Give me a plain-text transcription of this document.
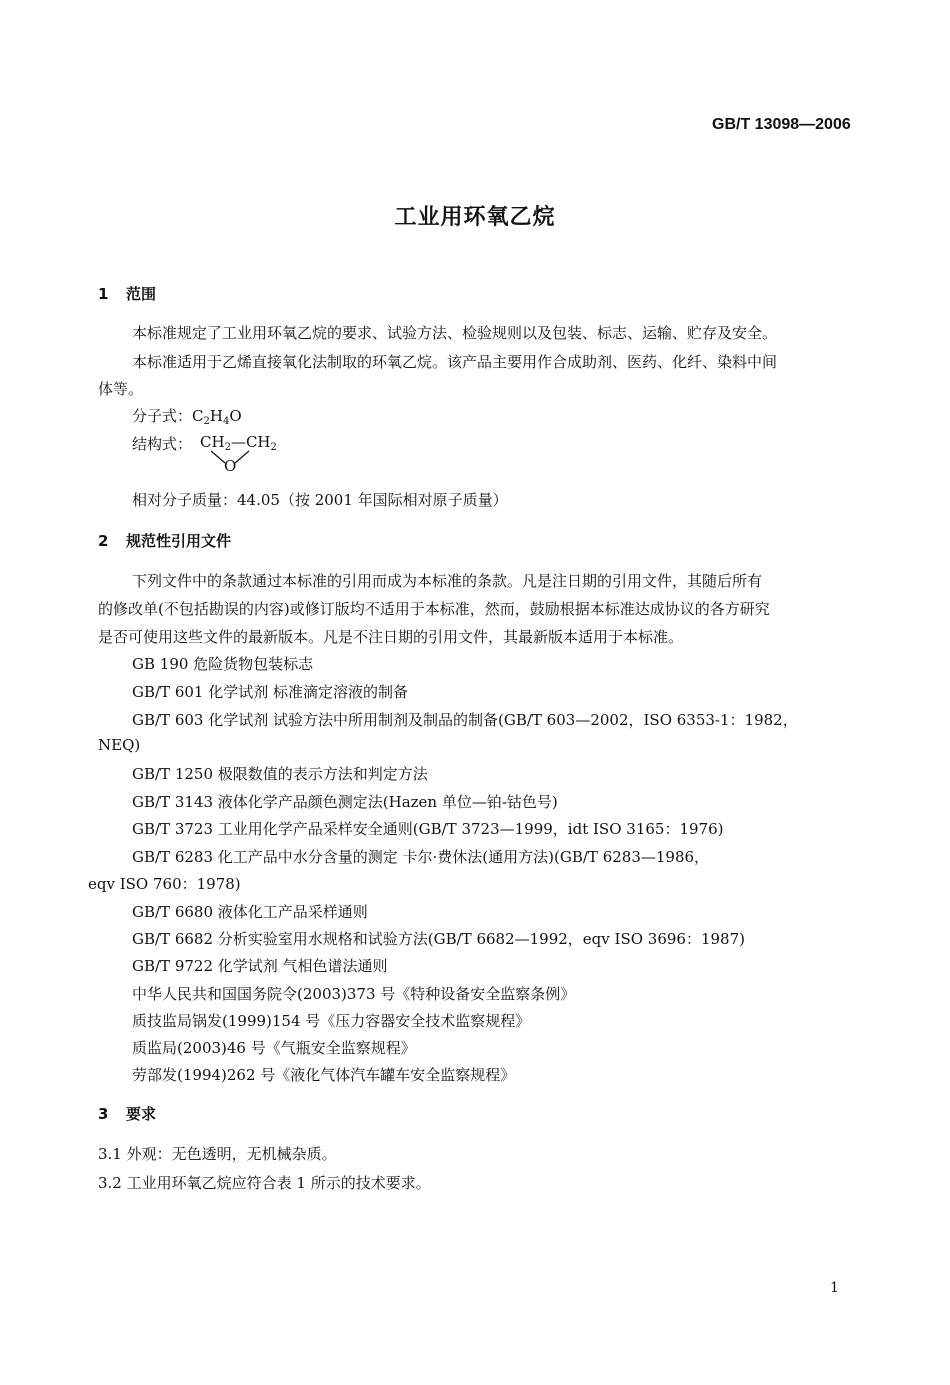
GB/T 13098—2006
工业用环氧乙烷
1 范围
本标准规定了工业用环氧乙烷的要求、试验方法、检验规则以及包装、标志、运输、贮存及安全。
本标准适用于乙烯直接氧化法制取的环氧乙烷。该产品主要用作合成助剂、医药、化纤、染料中间
体等。
分子式：$C_2H_4O$
结构式： $CH_2—CH_2$
O
相对分子质量：44.05（按 2001 年国际相对原子质量）
2 规范性引用文件
下列文件中的条款通过本标准的引用而成为本标准的条款。凡是注日期的引用文件，其随后所有
的修改单(不包括勘误的内容)或修订版均不适用于本标准，然而，鼓励根据本标准达成协议的各方研究
是否可使用这些文件的最新版本。凡是不注日期的引用文件，其最新版本适用于本标准。
GB 190 危险货物包装标志
GB/T 601 化学试剂 标准滴定溶液的制备
GB/T 603 化学试剂 试验方法中所用制剂及制品的制备(GB/T 603—2002，ISO 6353-1：1982，
NEQ)
GB/T 1250 极限数值的表示方法和判定方法
GB/T 3143 液体化学产品颜色测定法(Hazen 单位—铂-钴色号)
GB/T 3723 工业用化学产品采样安全通则(GB/T 3723—1999，idt ISO 3165：1976)
GB/T 6283 化工产品中水分含量的测定 卡尔·费休法(通用方法)(GB/T 6283—1986，
eqv ISO 760：1978)
GB/T 6680 液体化工产品采样通则
GB/T 6682 分析实验室用水规格和试验方法(GB/T 6682—1992，eqv ISO 3696：1987)
GB/T 9722 化学试剂 气相色谱法通则
中华人民共和国国务院令(2003)373 号《特种设备安全监察条例》
质技监局锅发(1999)154 号《压力容器安全技术监察规程》
质监局(2003)46 号《气瓶安全监察规程》
劳部发(1994)262 号《液化气体汽车罐车安全监察规程》
3 要求
3.1 外观：无色透明，无机械杂质。
3.2 工业用环氧乙烷应符合表 1 所示的技术要求。
1
